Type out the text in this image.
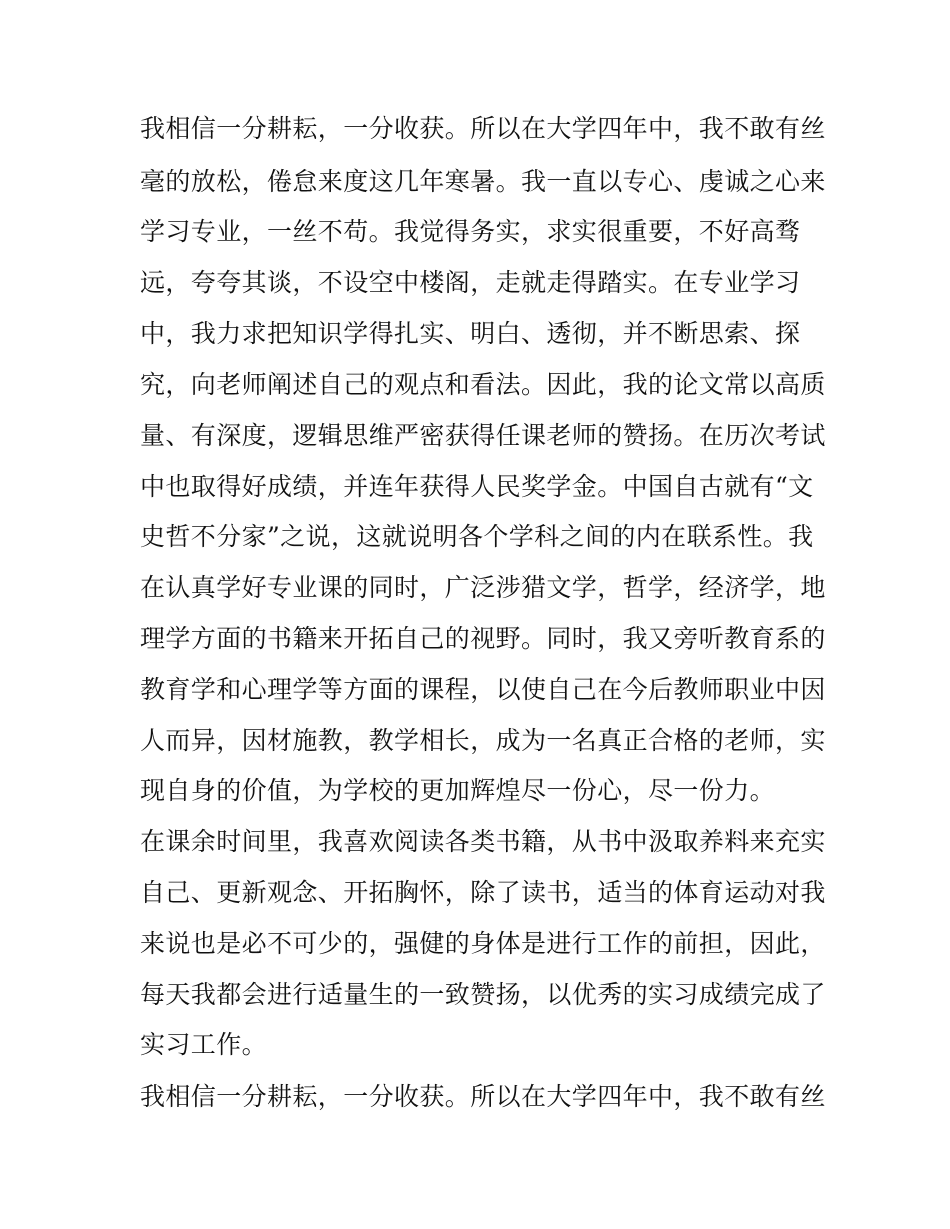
我相信一分耕耘，一分收获。所以在大学四年中，我不敢有丝
毫的放松，倦怠来度这几年寒暑。我一直以专心、虔诚之心来
学习专业，一丝不苟。我觉得务实，求实很重要，不好高骛
远，夸夸其谈，不设空中楼阁，走就走得踏实。在专业学习
中，我力求把知识学得扎实、明白、透彻，并不断思索、探
究，向老师阐述自己的观点和看法。因此，我的论文常以高质
量、有深度，逻辑思维严密获得任课老师的赞扬。在历次考试
中也取得好成绩，并连年获得人民奖学金。中国自古就有“文
史哲不分家”之说，这就说明各个学科之间的内在联系性。我
在认真学好专业课的同时，广泛涉猎文学，哲学，经济学，地
理学方面的书籍来开拓自己的视野。同时，我又旁听教育系的
教育学和心理学等方面的课程，以使自己在今后教师职业中因
人而异，因材施教，教学相长，成为一名真正合格的老师，实
现自身的价值，为学校的更加辉煌尽一份心，尽一份力。
在课余时间里，我喜欢阅读各类书籍，从书中汲取养料来充实
自己、更新观念、开拓胸怀，除了读书，适当的体育运动对我
来说也是必不可少的，强健的身体是进行工作的前担，因此，
每天我都会进行适量生的一致赞扬，以优秀的实习成绩完成了
实习工作。
我相信一分耕耘，一分收获。所以在大学四年中，我不敢有丝
